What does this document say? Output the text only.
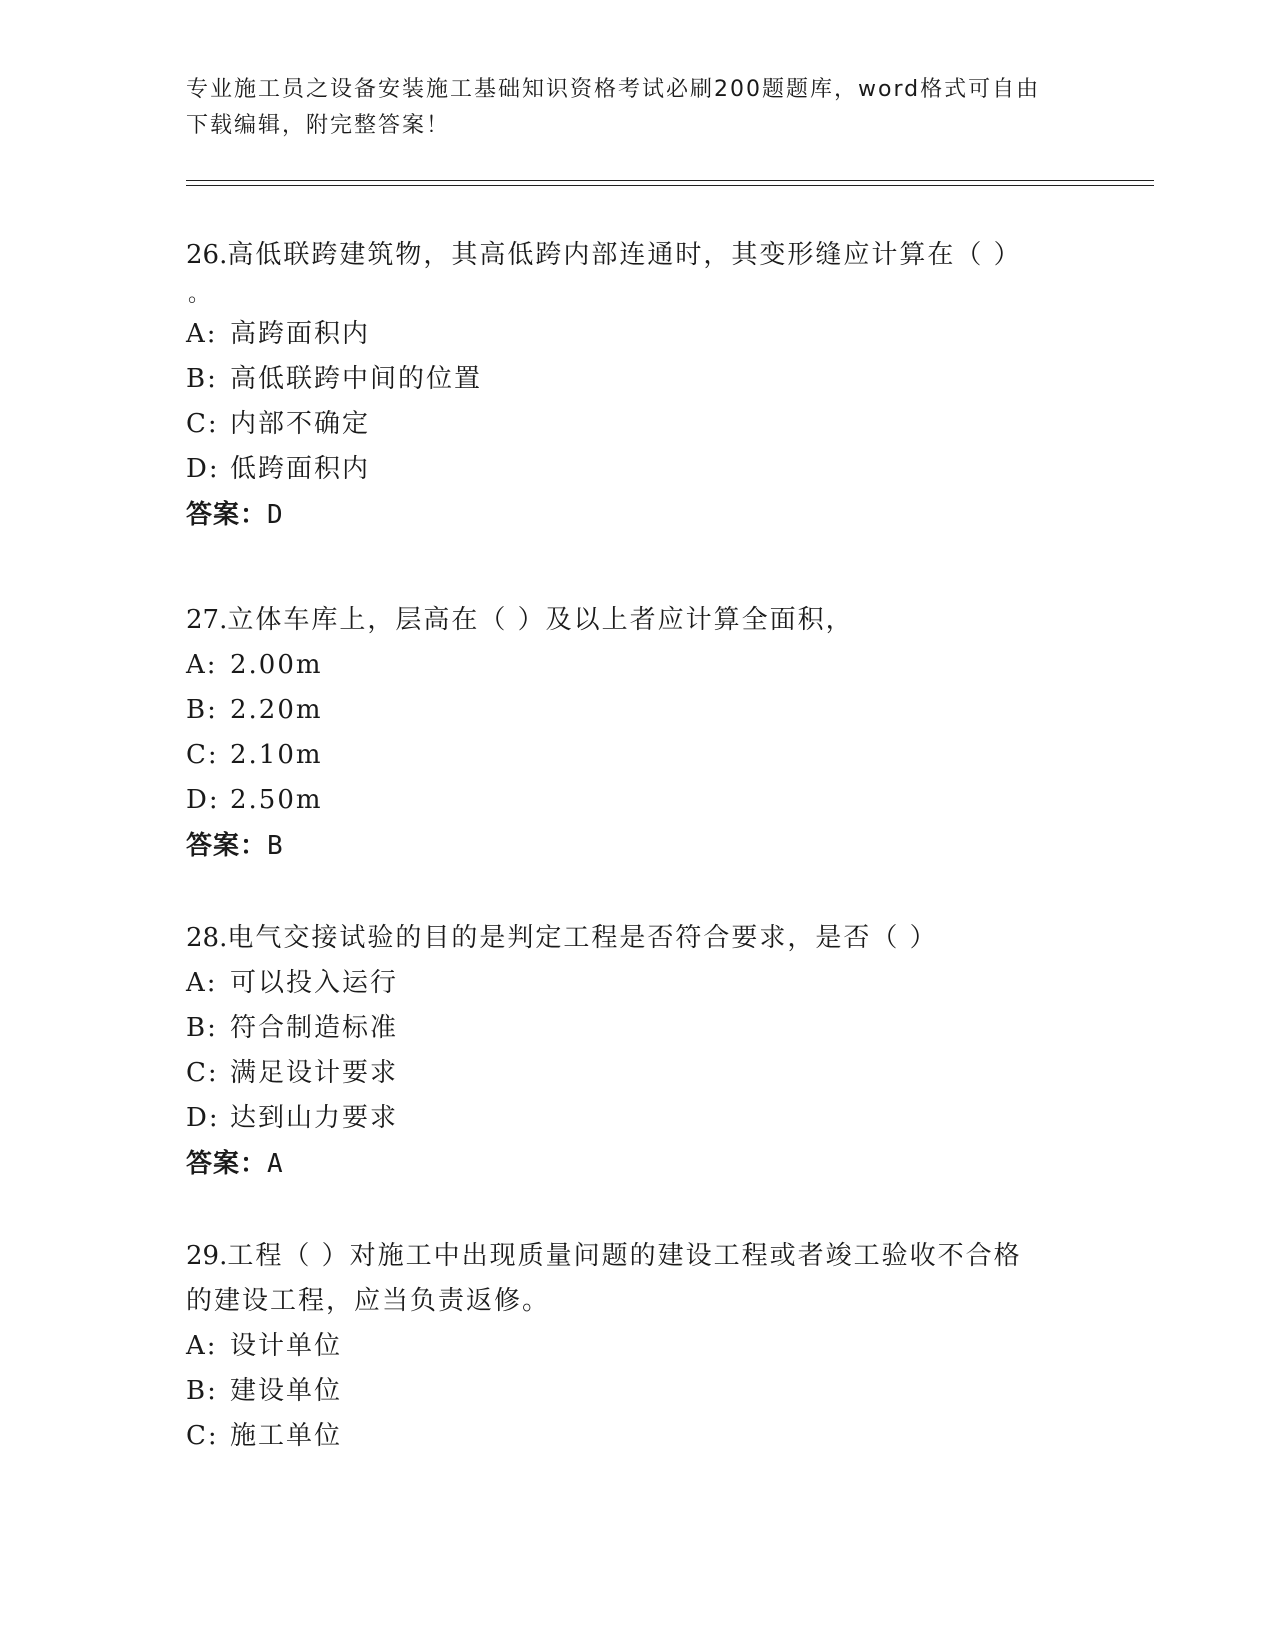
专业施工员之设备安装施工基础知识资格考试必刷200题题库，word格式可自由
下载编辑，附完整答案！
26.高低联跨建筑物，其高低跨内部连通时，其变形缝应计算在（ ）
。
A: 高跨面积内
B: 高低联跨中间的位置
C: 内部不确定
D: 低跨面积内
答案：D
27.立体车库上，层高在（ ）及以上者应计算全面积，
A: 2.00m
B: 2.20m
C: 2.10m
D: 2.50m
答案：B
28.电气交接试验的目的是判定工程是否符合要求，是否（ ）
A: 可以投入运行
B: 符合制造标准
C: 满足设计要求
D: 达到山力要求
答案：A
29.工程（ ）对施工中出现质量问题的建设工程或者竣工验收不合格
的建设工程，应当负责返修。
A: 设计单位
B: 建设单位
C: 施工单位
